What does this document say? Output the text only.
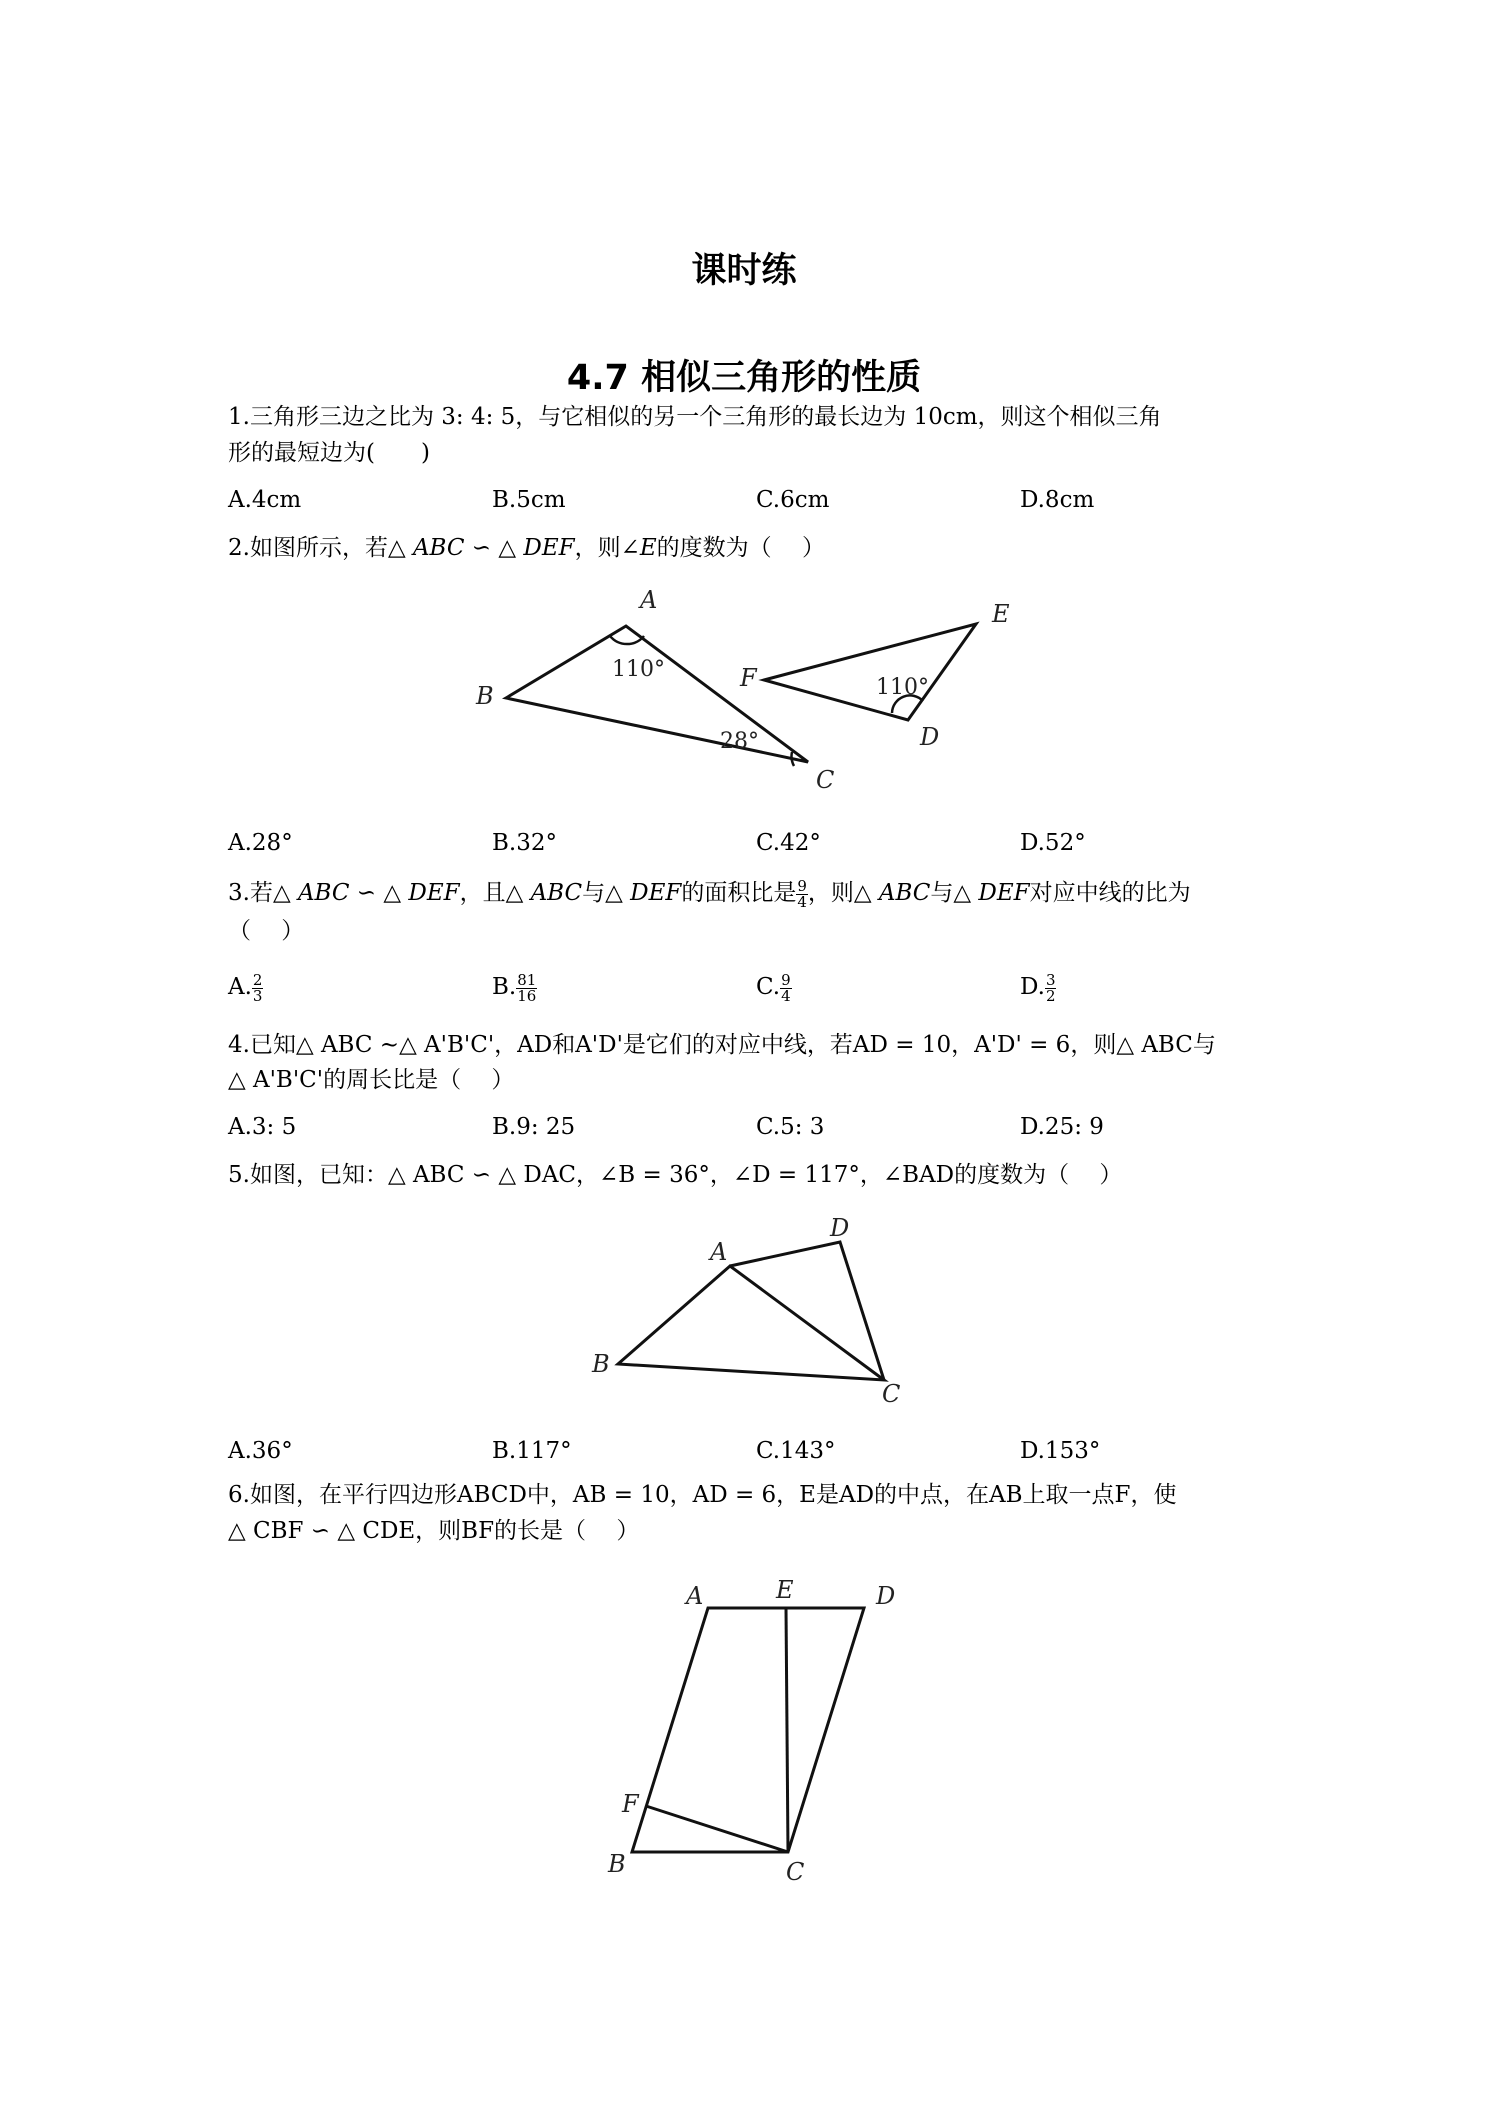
课时练
4.7 相似三角形的性质
1.三角形三边之比为 3: 4: 5，与它相似的另一个三角形的最长边为 10cm，则这个相似三角
形的最短边为(　　)
A.4cm	B.5cm	C.6cm	D.8cm
2.如图所示，若△ ABC ∽ △ DEF，则∠E的度数为（　 ）
A
B
C
D
E
F
110°
28°
110°
A.28°	B.32°	C.42°	D.52°
3.若△ ABC ∽ △ DEF，且△ ABC与△ DEF的面积比是 $\frac{9}{4}$ ，则△ ABC与△ DEF对应中线的比为
（　 ）
A. $\frac{2}{3}$	B. $\frac{81}{16}$	C. $\frac{9}{4}$	D. $\frac{3}{2}$
4.已知△ ABC ∼△ A'B'C'，AD和A'D'是它们的对应中线，若AD = 10，A'D' = 6，则△ ABC与
△ A'B'C'的周长比是（　 ）
A.3: 5	B.9: 25	C.5: 3	D.25: 9
5.如图，已知：△ ABC ∽ △ DAC，∠B = 36°，∠D = 117°，∠BAD的度数为（　 ）
A
B
C
D
A.36°	B.117°	C.143°	D.153°
6.如图，在平行四边形ABCD中，AB = 10，AD = 6，E是AD的中点，在AB上取一点F，使
△ CBF ∽ △ CDE，则BF的长是（　 ）
A	E	D
F
B	C
